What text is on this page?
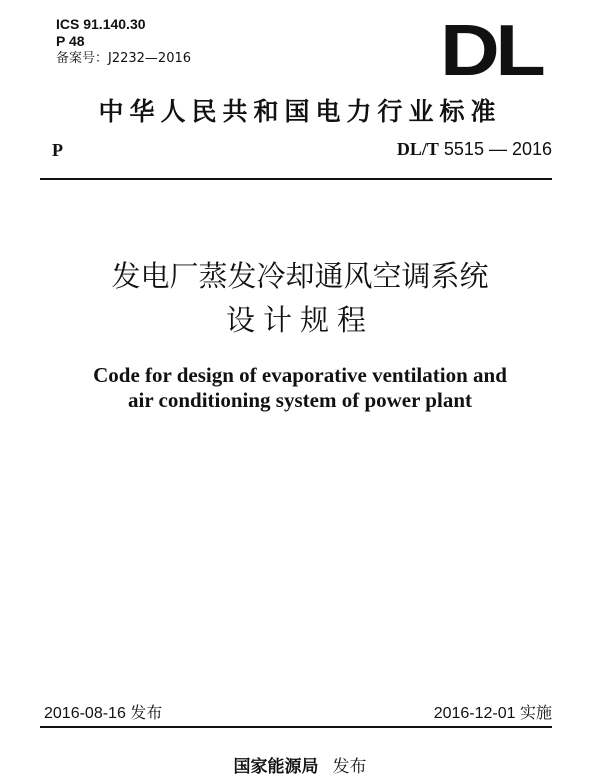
ICS 91.140.30
P 48
备案号：J2232—2016	DL
中华人民共和国电力行业标准
P	DL/T 5515 — 2016
发电厂蒸发冷却通风空调系统
设计规程
Code for design of evaporative ventilation and
air conditioning system of power plant
2016-08-16 发布	2016-12-01 实施
国家能源局 发布
